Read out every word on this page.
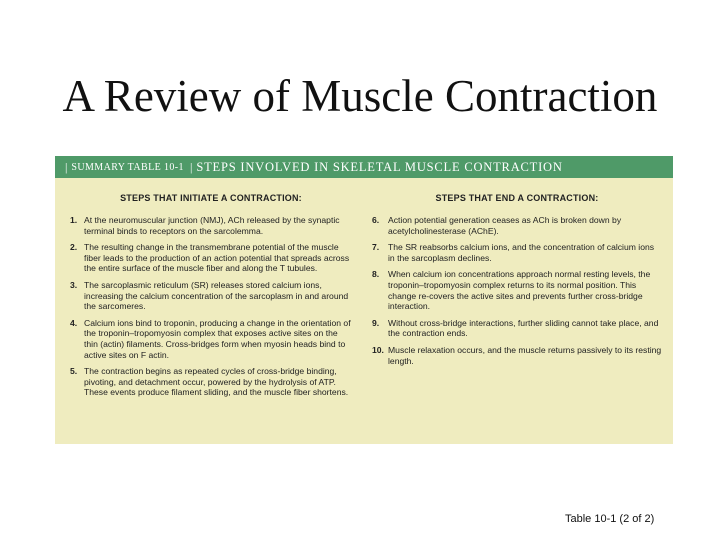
A Review of Muscle Contraction
| SUMMARY TABLE 10-1 | STEPS INVOLVED IN SKELETAL MUSCLE CONTRACTION
STEPS THAT INITIATE A CONTRACTION:
1. At the neuromuscular junction (NMJ), ACh released by the synaptic terminal binds to receptors on the sarcolemma.
2. The resulting change in the transmembrane potential of the muscle fiber leads to the production of an action potential that spreads across the entire surface of the muscle fiber and along the T tubules.
3. The sarcoplasmic reticulum (SR) releases stored calcium ions, increasing the calcium concentration of the sarcoplasm in and around the sarcomeres.
4. Calcium ions bind to troponin, producing a change in the orientation of the troponin–tropomyosin complex that exposes active sites on the thin (actin) filaments. Cross-bridges form when myosin heads bind to active sites on F actin.
5. The contraction begins as repeated cycles of cross-bridge binding, pivoting, and detachment occur, powered by the hydrolysis of ATP. These events produce filament sliding, and the muscle fiber shortens.
STEPS THAT END A CONTRACTION:
6.	Action potential generation ceases as ACh is broken down by acetylcholinesterase (AChE).
7.	The SR reabsorbs calcium ions, and the concentration of calcium ions in the sarcoplasm declines.
8.	When calcium ion concentrations approach normal resting levels, the troponin–tropomyosin complex returns to its normal position. This change re-covers the active sites and prevents further cross-bridge interaction.
9.	Without cross-bridge interactions, further sliding cannot take place, and the contraction ends.
10. Muscle relaxation occurs, and the muscle returns passively to its resting length.
Table 10-1 (2 of 2)
